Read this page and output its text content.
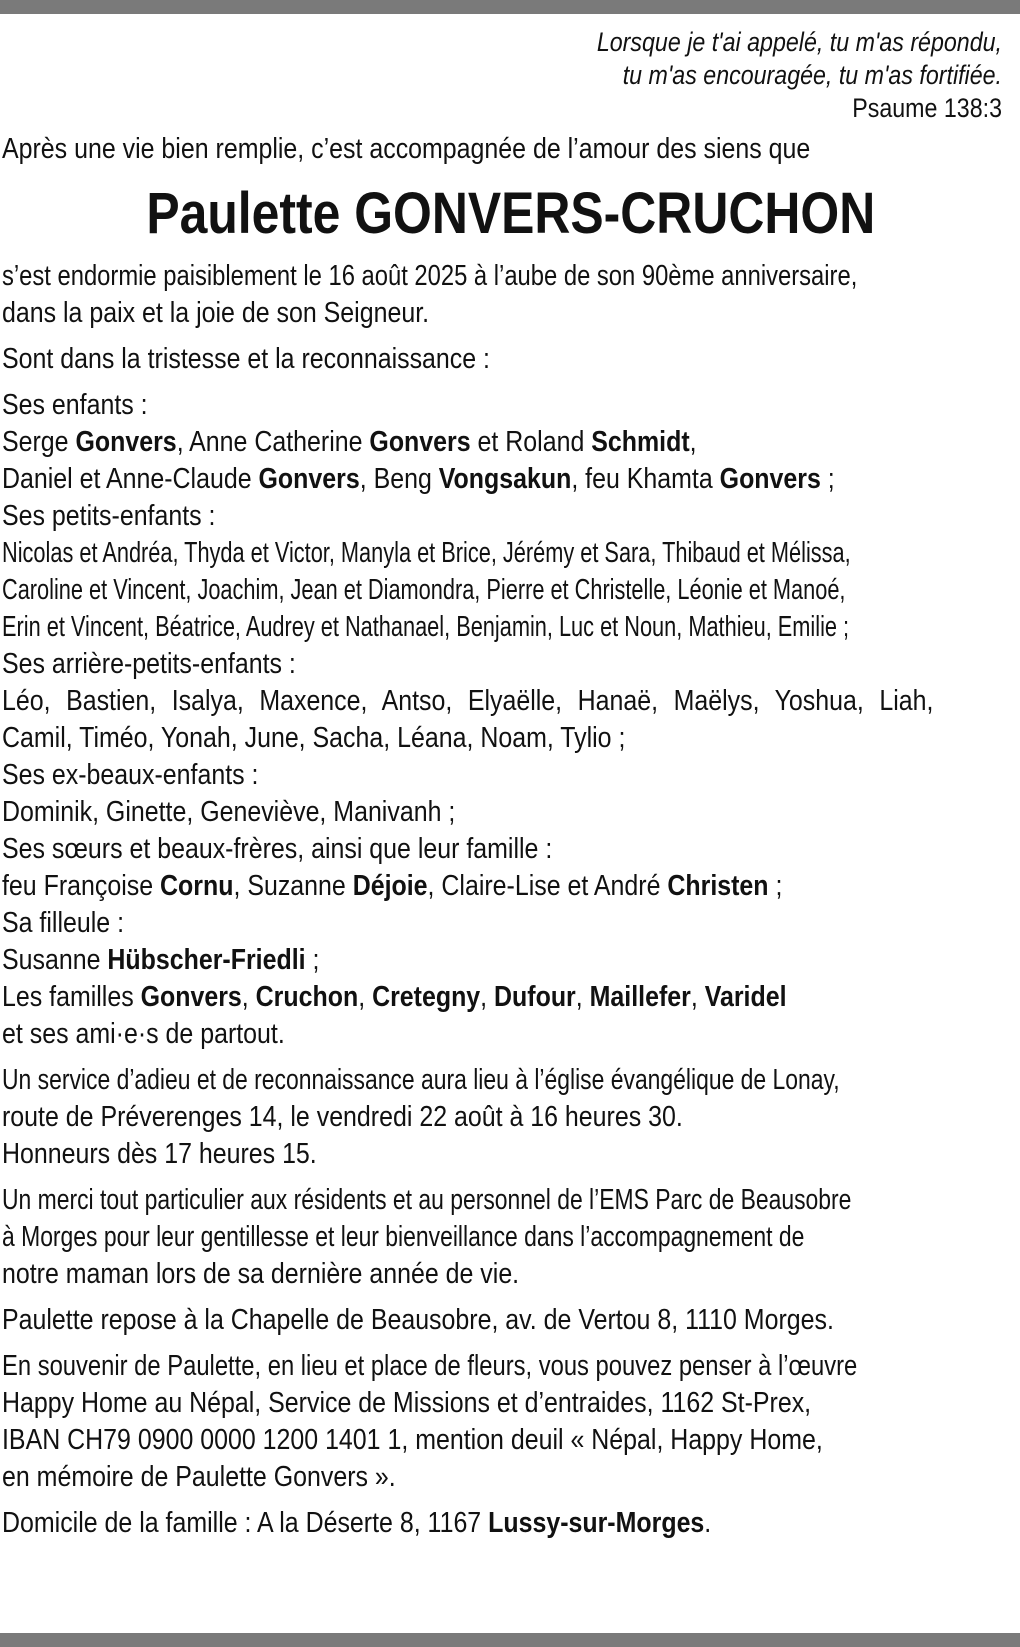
Lorsque je t'ai appelé, tu m'as répondu,
tu m'as encouragée, tu m'as fortifiée.
Psaume 138:3

Après une vie bien remplie, c’est accompagnée de l’amour des siens que

Paulette GONVERS-CRUCHON

s’est endormie paisiblement le 16 août 2025 à l’aube de son 90ème anniversaire,
dans la paix et la joie de son Seigneur.

Sont dans la tristesse et la reconnaissance :

Ses enfants :
Serge Gonvers, Anne Catherine Gonvers et Roland Schmidt,
Daniel et Anne-Claude Gonvers, Beng Vongsakun, feu Khamta Gonvers ;
Ses petits-enfants :
Nicolas et Andréa, Thyda et Victor, Manyla et Brice, Jérémy et Sara, Thibaud et Mélissa,
Caroline et Vincent, Joachim, Jean et Diamondra, Pierre et Christelle, Léonie et Manoé,
Erin et Vincent, Béatrice, Audrey et Nathanael, Benjamin, Luc et Noun, Mathieu, Emilie ;
Ses arrière-petits-enfants :
Léo, Bastien, Isalya, Maxence, Antso, Elyaëlle, Hanaë, Maëlys, Yoshua, Liah,
Camil, Timéo, Yonah, June, Sacha, Léana, Noam, Tylio ;
Ses ex-beaux-enfants :
Dominik, Ginette, Geneviève, Manivanh ;
Ses sœurs et beaux-frères, ainsi que leur famille :
feu Françoise Cornu, Suzanne Déjoie, Claire-Lise et André Christen ;
Sa filleule :
Susanne Hübscher-Friedli ;
Les familles Gonvers, Cruchon, Cretegny, Dufour, Maillefer, Varidel
et ses ami·e·s de partout.

Un service d’adieu et de reconnaissance aura lieu à l’église évangélique de Lonay,
route de Préverenges 14, le vendredi 22 août à 16 heures 30.
Honneurs dès 17 heures 15.

Un merci tout particulier aux résidents et au personnel de l’EMS Parc de Beausobre
à Morges pour leur gentillesse et leur bienveillance dans l’accompagnement de
notre maman lors de sa dernière année de vie.

Paulette repose à la Chapelle de Beausobre, av. de Vertou 8, 1110 Morges.

En souvenir de Paulette, en lieu et place de fleurs, vous pouvez penser à l’œuvre
Happy Home au Népal, Service de Missions et d’entraides, 1162 St-Prex,
IBAN CH79 0900 0000 1200 1401 1, mention deuil « Népal, Happy Home,
en mémoire de Paulette Gonvers ».

Domicile de la famille : A la Déserte 8, 1167 Lussy-sur-Morges.
